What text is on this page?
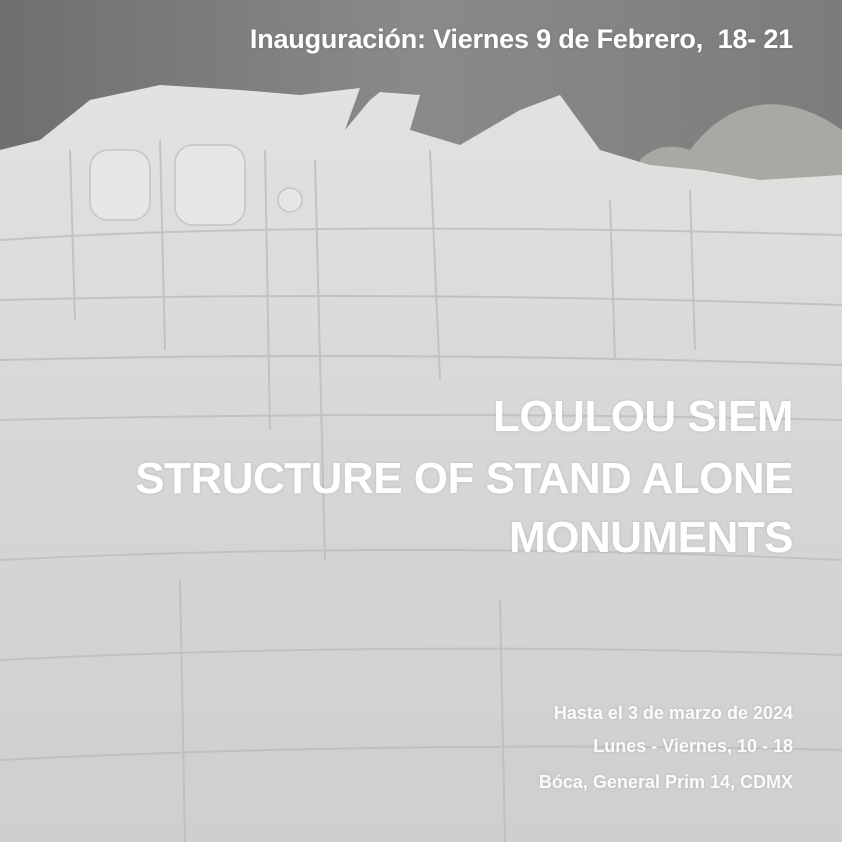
Inauguración: Viernes 9 de Febrero,  18- 21
LOULOU SIEM
STRUCTURE OF STAND ALONE
MONUMENTS
Hasta el 3 de marzo de 2024
Lunes - Viernes, 10 - 18
Bóca, General Prim 14, CDMX
